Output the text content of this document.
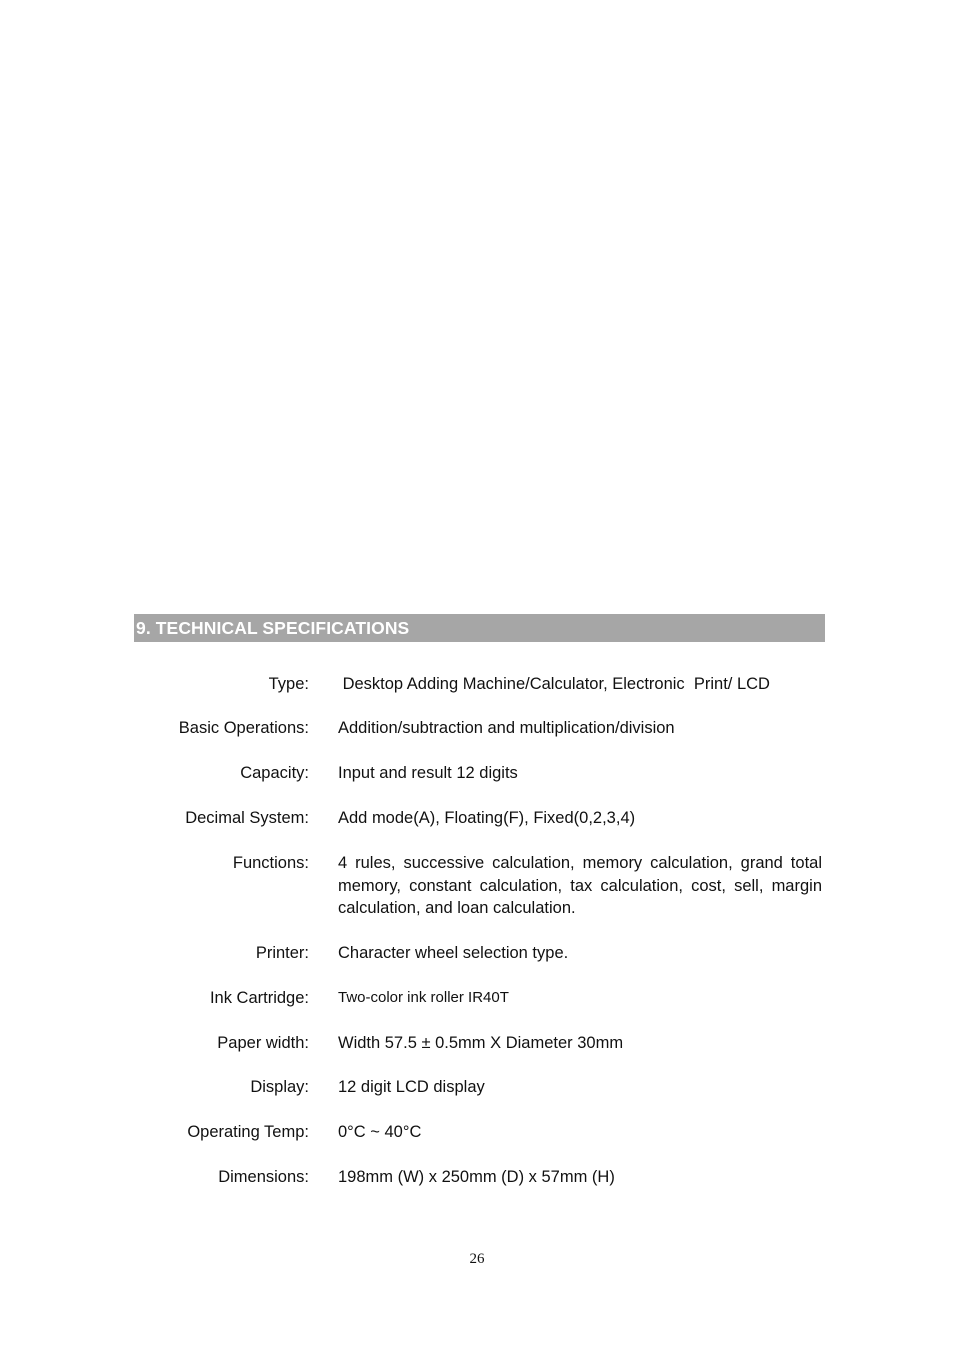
9. TECHNICAL SPECIFICATIONS
Type: Desktop Adding Machine/Calculator, Electronic  Print/ LCD
Basic Operations: Addition/subtraction and multiplication/division
Capacity: Input and result 12 digits
Decimal System: Add mode(A), Floating(F), Fixed(0,2,3,4)
Functions: 4 rules, successive calculation, memory calculation, grand total memory, constant calculation, tax calculation, cost, sell, margin calculation, and loan calculation.
Printer: Character wheel selection type.
Ink Cartridge: Two-color ink roller IR40T
Paper width: Width 57.5 ± 0.5mm X Diameter 30mm
Display: 12 digit LCD display
Operating Temp: 0°C ~ 40°C
Dimensions: 198mm (W) x 250mm (D) x 57mm (H)
26
